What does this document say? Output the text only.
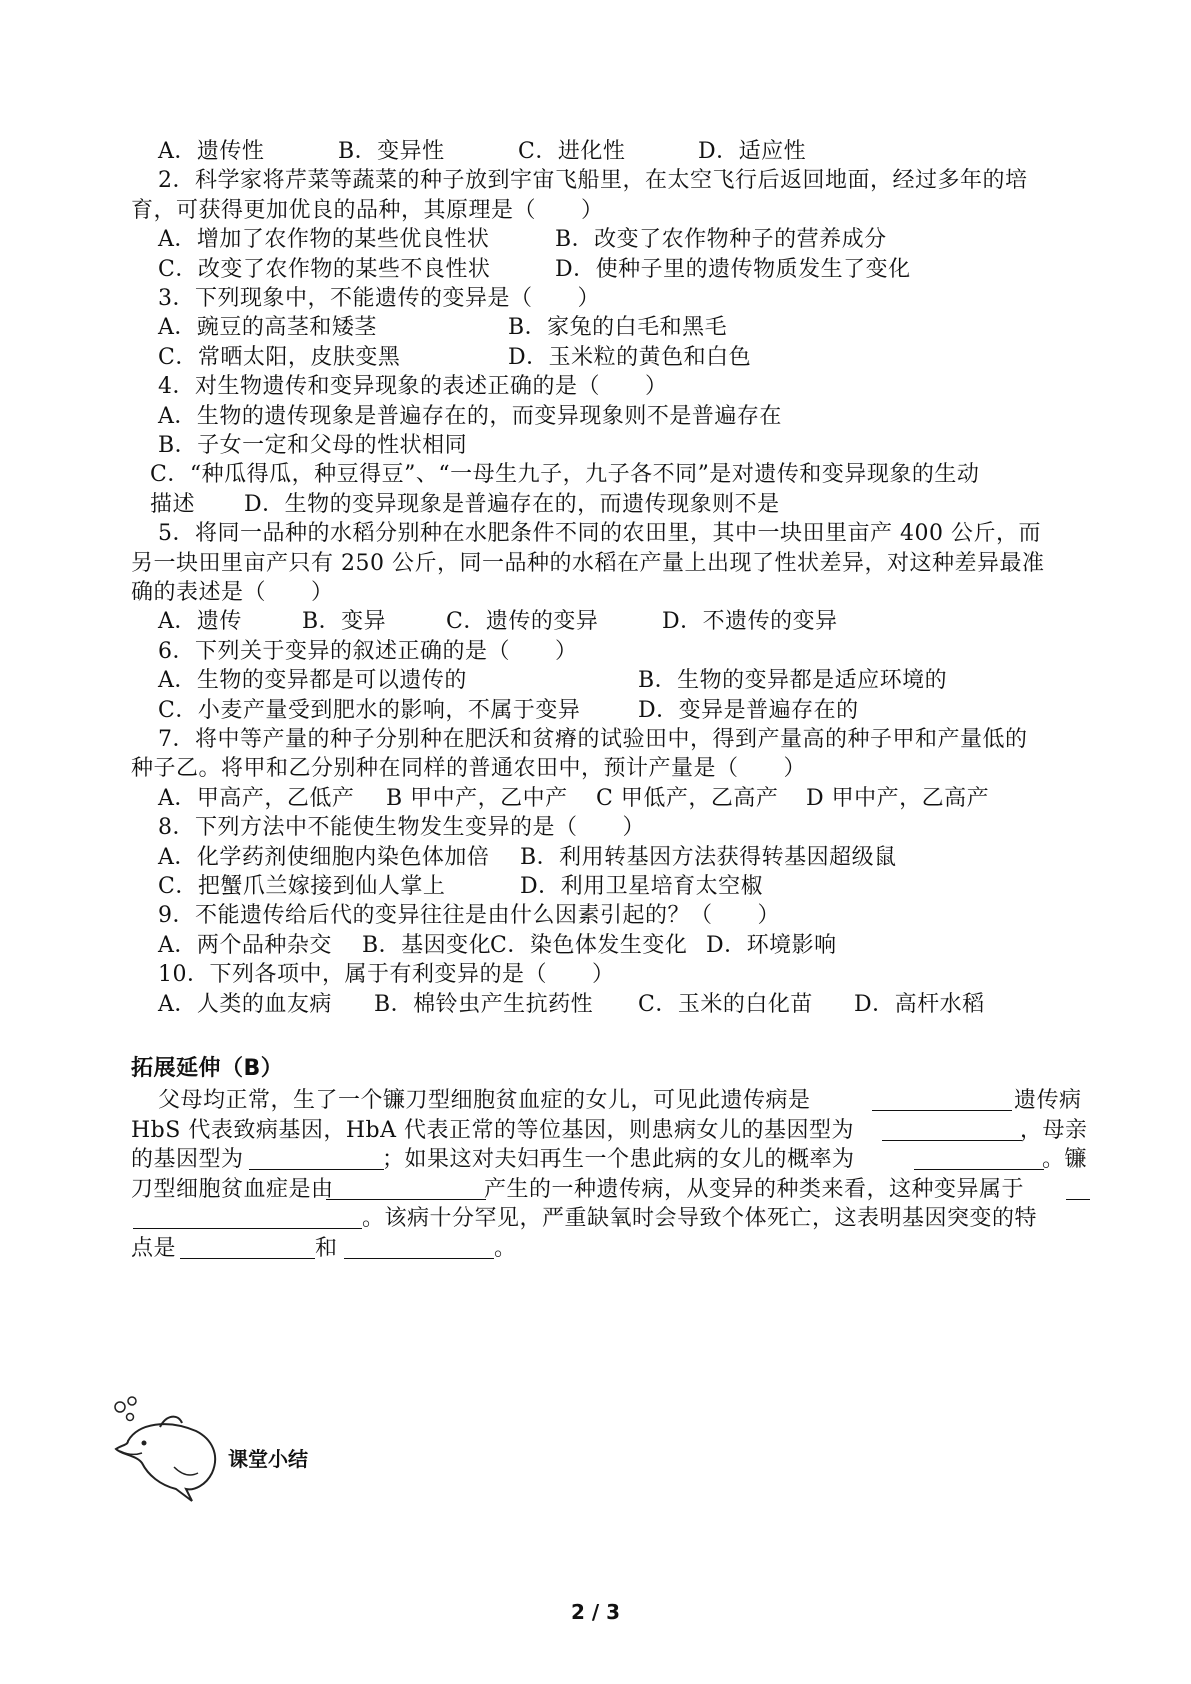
A．遗传性	B．变异性	C．进化性	D．适应性
2．科学家将芹菜等蔬菜的种子放到宇宙飞船里，在太空飞行后返回地面，经过多年的培
育，可获得更加优良的品种，其原理是（　　）
A．增加了农作物的某些优良性状	B．改变了农作物种子的营养成分
C．改变了农作物的某些不良性状	D．使种子里的遗传物质发生了变化
3．下列现象中，不能遗传的变异是（　　）
A．豌豆的高茎和矮茎	B．家兔的白毛和黑毛
C．常晒太阳，皮肤变黑	D．玉米粒的黄色和白色
4．对生物遗传和变异现象的表述正确的是（　　）
A．生物的遗传现象是普遍存在的，而变异现象则不是普遍存在
B．子女一定和父母的性状相同
C．“种瓜得瓜，种豆得豆”、“一母生九子，九子各不同”是对遗传和变异现象的生动
描述 D．生物的变异现象是普遍存在的，而遗传现象则不是
5．将同一品种的水稻分别种在水肥条件不同的农田里，其中一块田里亩产 400 公斤，而
另一块田里亩产只有 250 公斤，同一品种的水稻在产量上出现了性状差异，对这种差异最准
确的表述是（　　）
A．遗传	B．变异	C．遗传的变异	D．不遗传的变异
6．下列关于变异的叙述正确的是（　　）
A．生物的变异都是可以遗传的	B．生物的变异都是适应环境的
C．小麦产量受到肥水的影响，不属于变异	D．变异是普遍存在的
7．将中等产量的种子分别种在肥沃和贫瘠的试验田中，得到产量高的种子甲和产量低的
种子乙。将甲和乙分别种在同样的普通农田中，预计产量是（　　）
A．甲高产，乙低产 B 甲中产，乙中产 C 甲低产，乙高产 D 甲中产，乙高产
8．下列方法中不能使生物发生变异的是（　　）
A．化学药剂使细胞内染色体加倍 B．利用转基因方法获得转基因超级鼠
C．把蟹爪兰嫁接到仙人掌上	D．利用卫星培育太空椒
9．不能遗传给后代的变异往往是由什么因素引起的？（　　）
A．两个品种杂交 B．基因变化
C．染色体发生变化 D．环境影响
10．下列各项中，属于有利变异的是（　　）
A．人类的血友病 B．棉铃虫产生抗药性 C．玉米的白化苗 D．高杆水稻
拓展延伸（B）
父母均正常，生了一个镰刀型细胞贫血症的女儿，可见此遗传病是	遗传病
HbS 代表致病基因，HbA 代表正常的等位基因，则患病女儿的基因型为	，母亲
的基因型为	；如果这对夫妇再生一个患此病的女儿的概率为	。镰
刀型细胞贫血症是由	产生的一种遗传病，从变异的种类来看，这种变异属于
。该病十分罕见，严重缺氧时会导致个体死亡，这表明基因突变的特
点是	和	。
课堂小结
2 / 3
